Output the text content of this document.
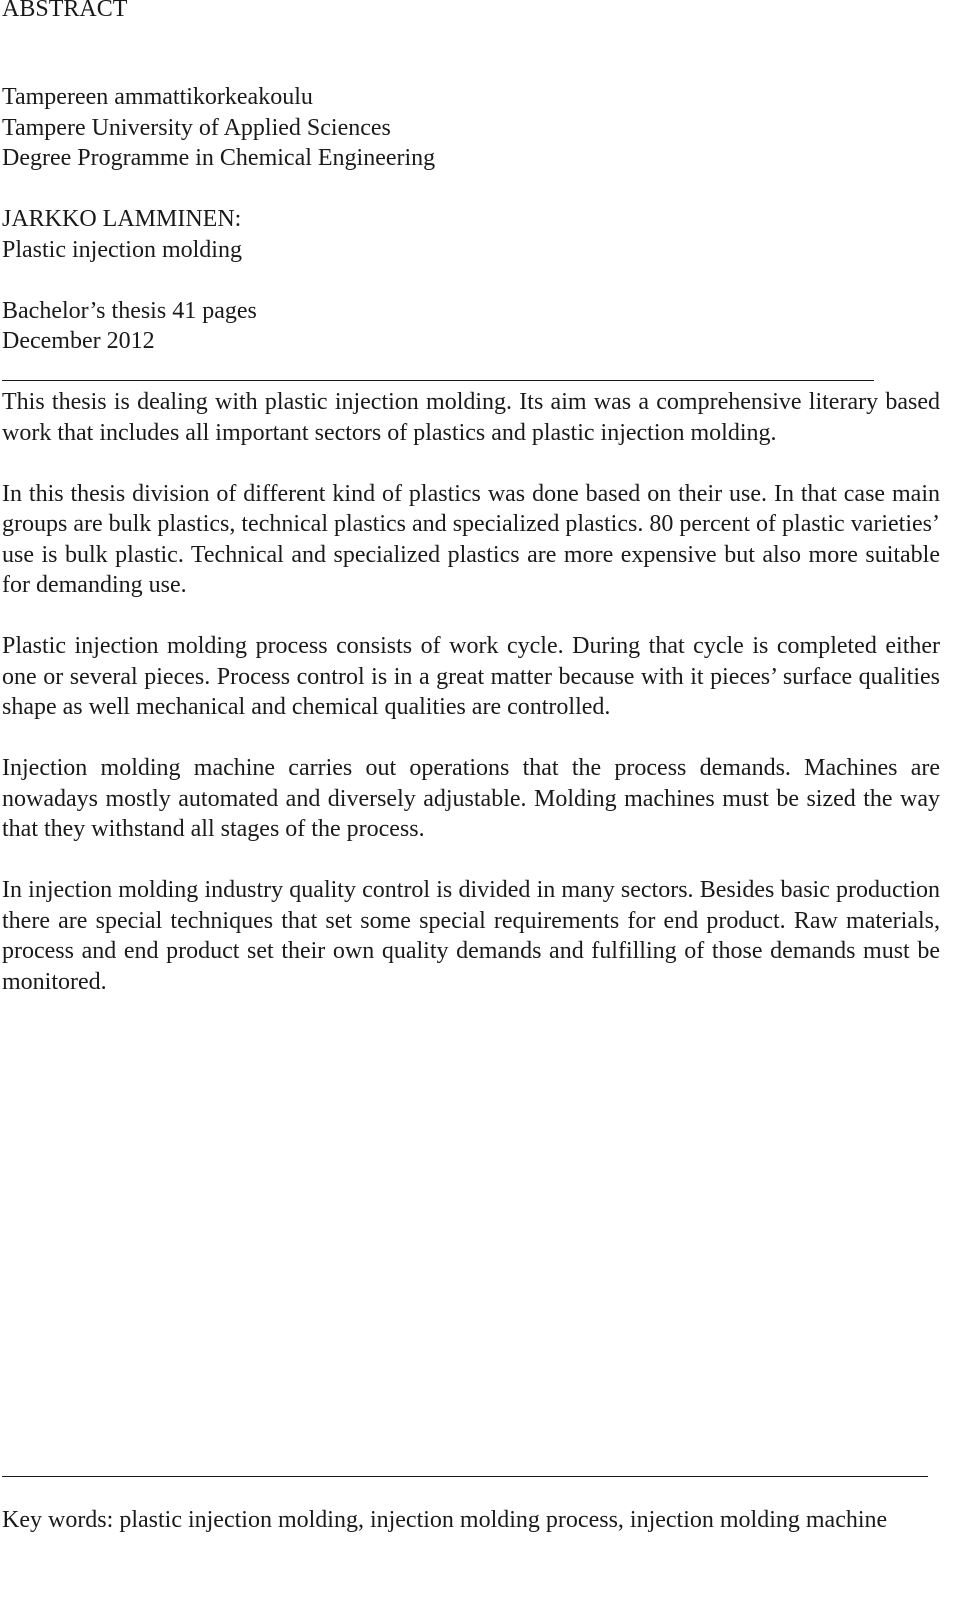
ABSTRACT
Tampereen ammattikorkeakoulu
Tampere University of Applied Sciences
Degree Programme in Chemical Engineering
JARKKO LAMMINEN:
Plastic injection molding
Bachelor’s thesis 41 pages
December 2012

This thesis is dealing with plastic injection molding. Its aim was a comprehensive literary based work that includes all important sectors of plastics and plastic injection molding.

In this thesis division of different kind of plastics was done based on their use. In that case main groups are bulk plastics, technical plastics and specialized plastics. 80 percent of plastic varieties’ use is bulk plastic. Technical and specialized plastics are more expensive but also more suitable for demanding use.

Plastic injection molding process consists of work cycle. During that cycle is completed either one or several pieces. Process control is in a great matter because with it pieces’ surface qualities shape as well mechanical and chemical qualities are controlled.

Injection molding machine carries out operations that the process demands. Machines are nowadays mostly automated and diversely adjustable. Molding machines must be sized the way that they withstand all stages of the process.

In injection molding industry quality control is divided in many sectors. Besides basic production there are special techniques that set some special requirements for end product. Raw materials, process and end product set their own quality demands and fulfilling of those demands must be monitored.

Key words: plastic injection molding, injection molding process, injection molding machine
